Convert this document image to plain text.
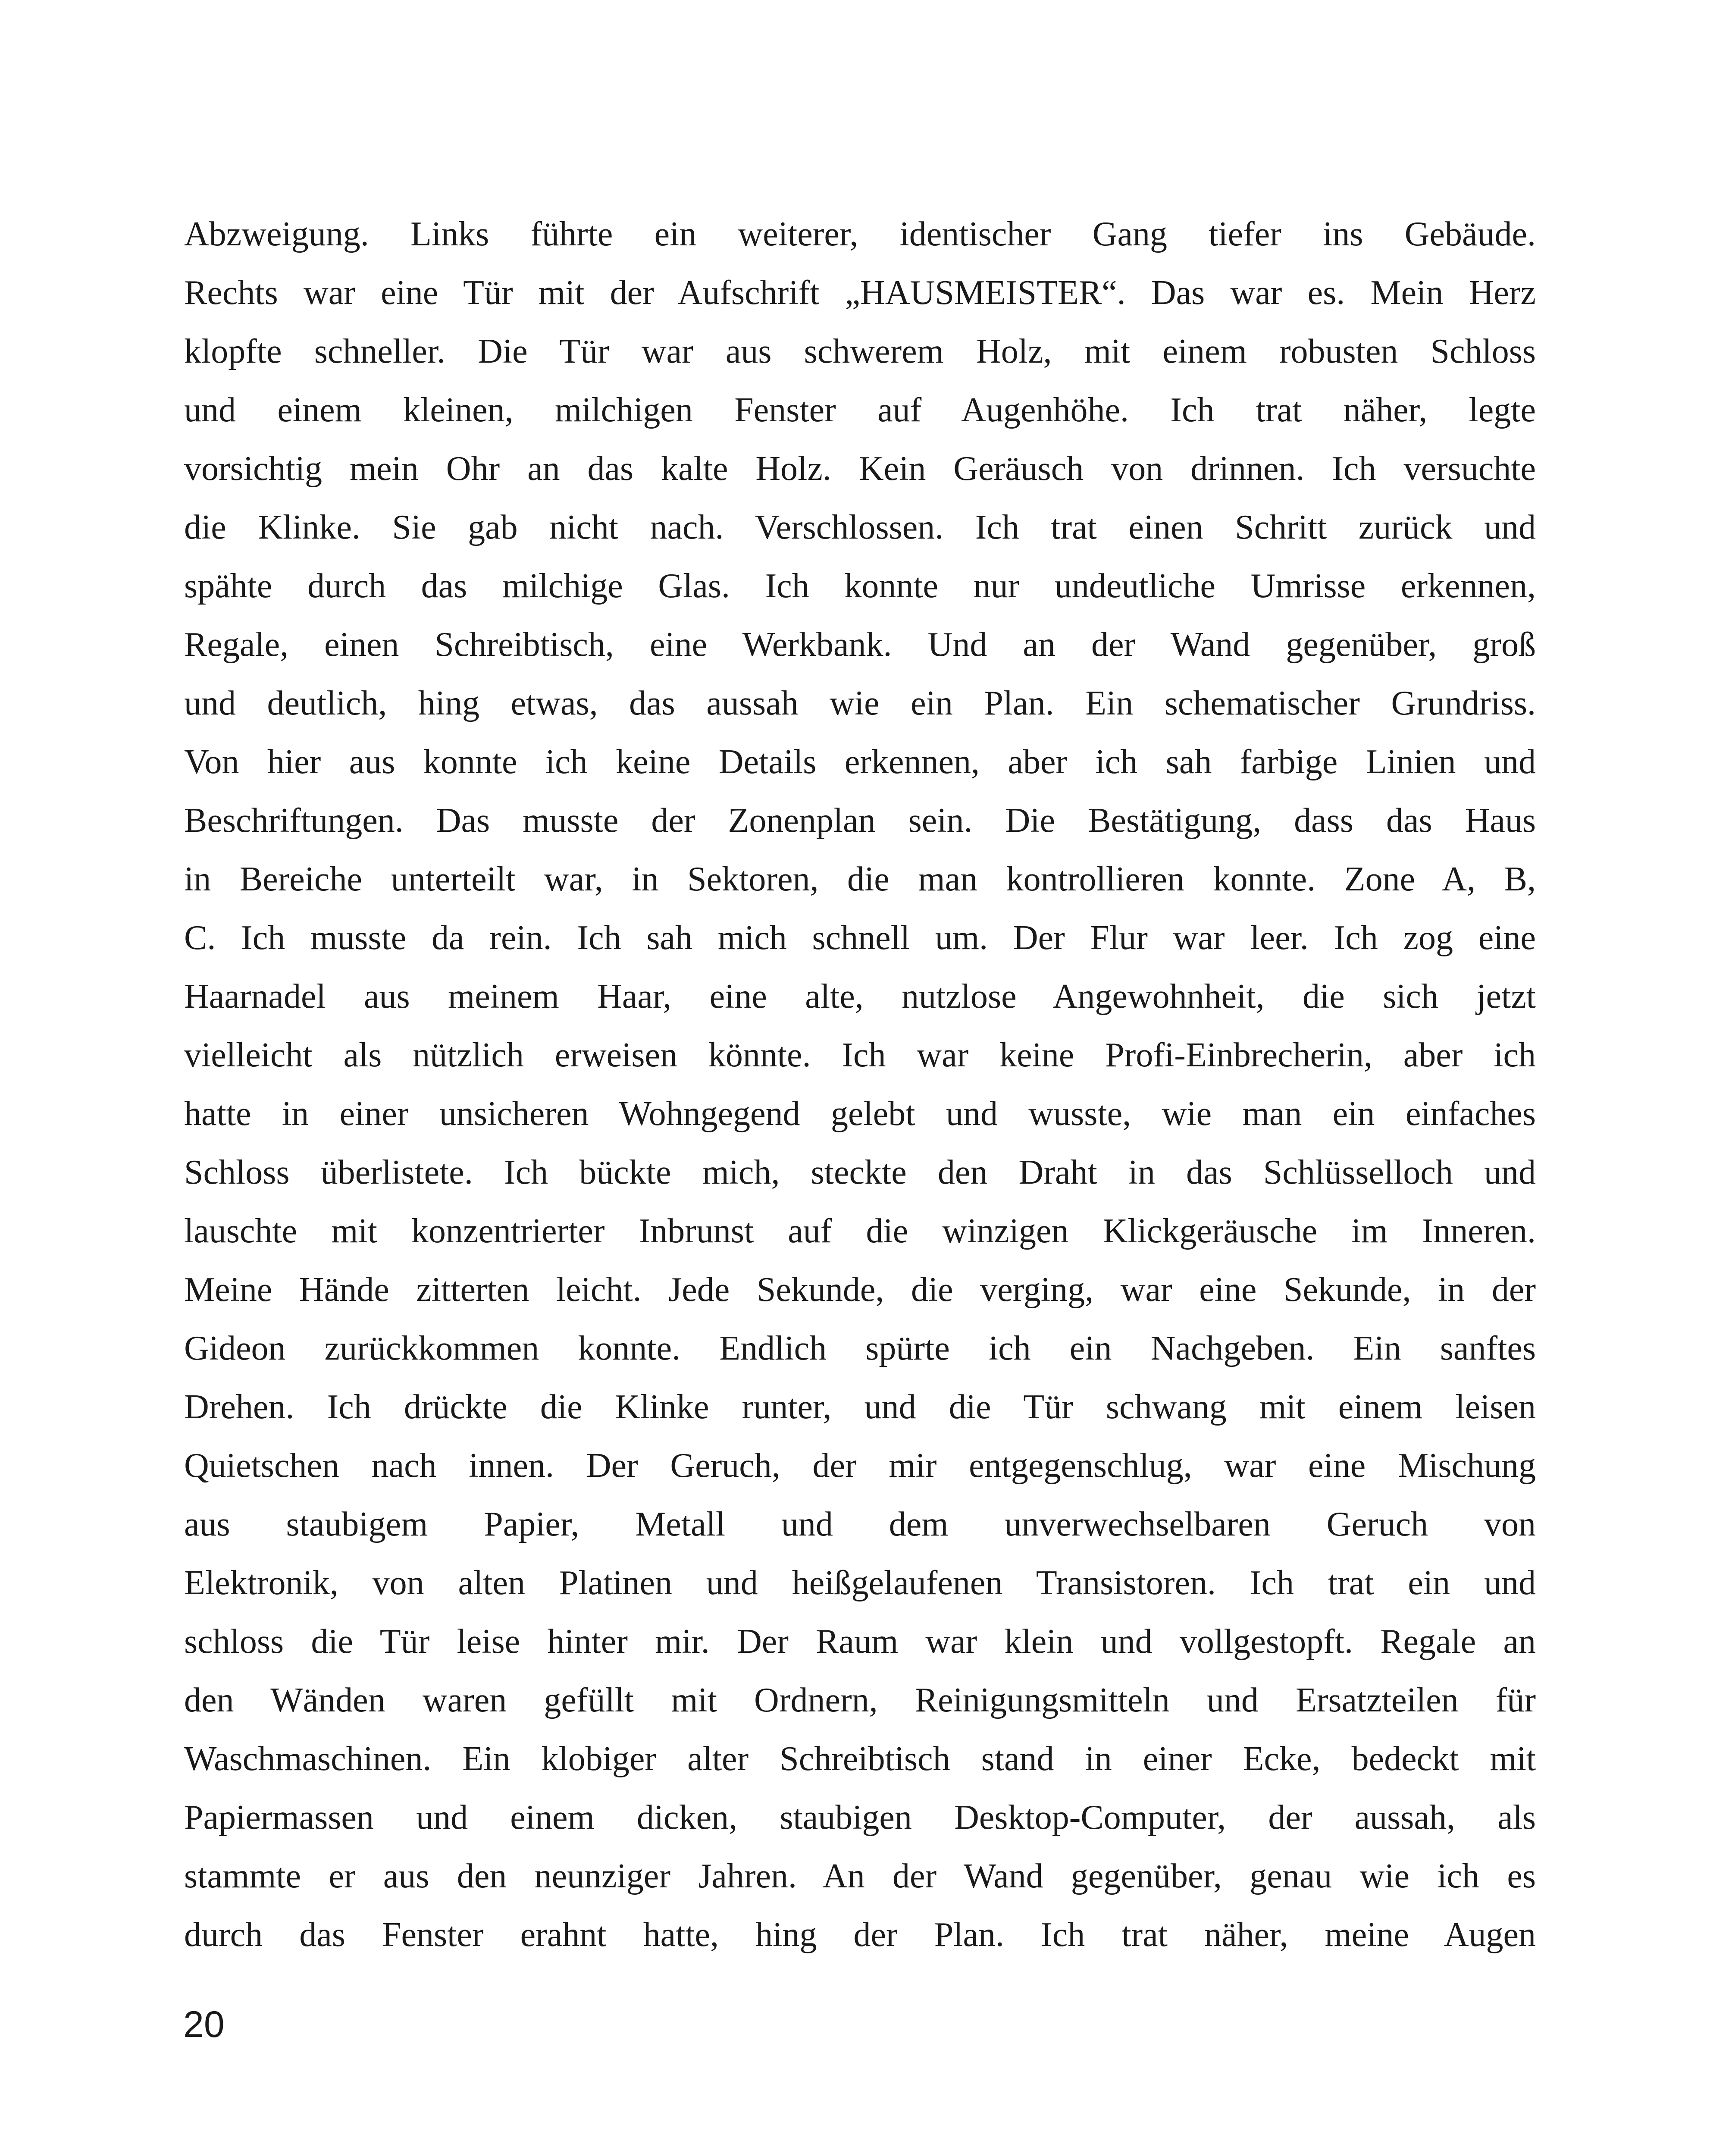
Abzweigung. Links führte ein weiterer, identischer Gang tiefer ins Gebäude.
Rechts war eine Tür mit der Aufschrift „HAUSMEISTER“. Das war es. Mein Herz
klopfte schneller. Die Tür war aus schwerem Holz, mit einem robusten Schloss
und einem kleinen, milchigen Fenster auf Augenhöhe. Ich trat näher, legte
vorsichtig mein Ohr an das kalte Holz. Kein Geräusch von drinnen. Ich versuchte
die Klinke. Sie gab nicht nach. Verschlossen. Ich trat einen Schritt zurück und
spähte durch das milchige Glas. Ich konnte nur undeutliche Umrisse erkennen,
Regale, einen Schreibtisch, eine Werkbank. Und an der Wand gegenüber, groß
und deutlich, hing etwas, das aussah wie ein Plan. Ein schematischer Grundriss.
Von hier aus konnte ich keine Details erkennen, aber ich sah farbige Linien und
Beschriftungen. Das musste der Zonenplan sein. Die Bestätigung, dass das Haus
in Bereiche unterteilt war, in Sektoren, die man kontrollieren konnte. Zone A, B,
C. Ich musste da rein. Ich sah mich schnell um. Der Flur war leer. Ich zog eine
Haarnadel aus meinem Haar, eine alte, nutzlose Angewohnheit, die sich jetzt
vielleicht als nützlich erweisen könnte. Ich war keine Profi-Einbrecherin, aber ich
hatte in einer unsicheren Wohngegend gelebt und wusste, wie man ein einfaches
Schloss überlistete. Ich bückte mich, steckte den Draht in das Schlüsselloch und
lauschte mit konzentrierter Inbrunst auf die winzigen Klickgeräusche im Inneren.
Meine Hände zitterten leicht. Jede Sekunde, die verging, war eine Sekunde, in der
Gideon zurückkommen konnte. Endlich spürte ich ein Nachgeben. Ein sanftes
Drehen. Ich drückte die Klinke runter, und die Tür schwang mit einem leisen
Quietschen nach innen. Der Geruch, der mir entgegenschlug, war eine Mischung
aus staubigem Papier, Metall und dem unverwechselbaren Geruch von
Elektronik, von alten Platinen und heißgelaufenen Transistoren. Ich trat ein und
schloss die Tür leise hinter mir. Der Raum war klein und vollgestopft. Regale an
den Wänden waren gefüllt mit Ordnern, Reinigungsmitteln und Ersatzteilen für
Waschmaschinen. Ein klobiger alter Schreibtisch stand in einer Ecke, bedeckt mit
Papiermassen und einem dicken, staubigen Desktop-Computer, der aussah, als
stammte er aus den neunziger Jahren. An der Wand gegenüber, genau wie ich es
durch das Fenster erahnt hatte, hing der Plan. Ich trat näher, meine Augen
20
